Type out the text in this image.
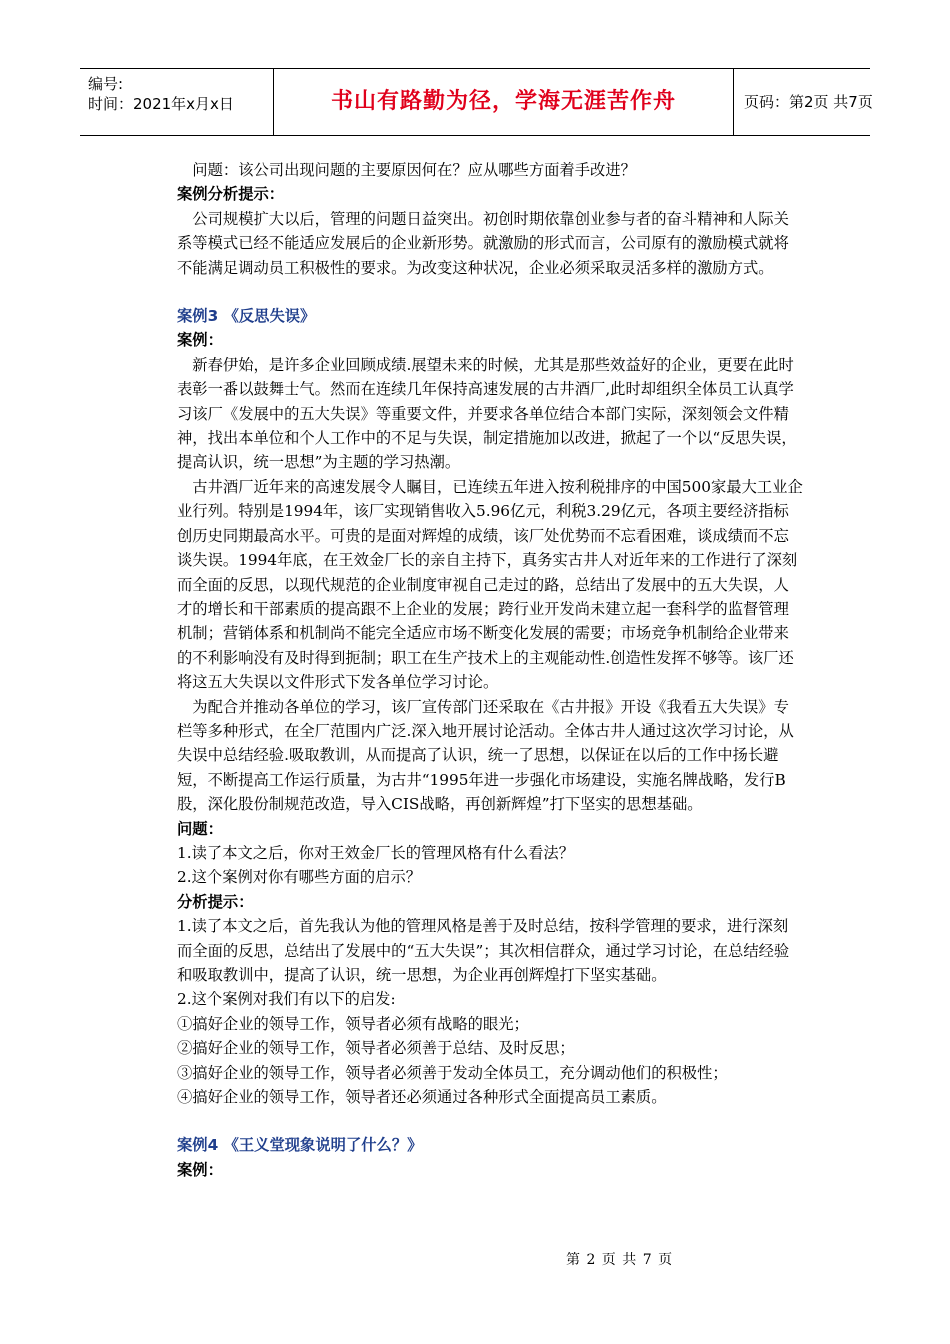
编号:
时间：2021年x月x日	书山有路勤为径，学海无涯苦作舟	页码：第2页 共7页

问题：该公司出现问题的主要原因何在？应从哪些方面着手改进？

案例分析提示：

公司规模扩大以后，管理的问题日益突出。初创时期依靠创业参与者的奋斗精神和人际关系等模式已经不能适应发展后的企业新形势。就激励的形式而言，公司原有的激励模式就将不能满足调动员工积极性的要求。为改变这种状况，企业必须采取灵活多样的激励方式。

案例3 《反思失误》

案例：

新春伊始，是许多企业回顾成绩.展望未来的时候，尤其是那些效益好的企业，更要在此时表彰一番以鼓舞士气。然而在连续几年保持高速发展的古井酒厂,此时却组织全体员工认真学习该厂《发展中的五大失误》等重要文件，并要求各单位结合本部门实际，深刻领会文件精神，找出本单位和个人工作中的不足与失误，制定措施加以改进，掀起了一个以“反思失误，提高认识，统一思想”为主题的学习热潮。

古井酒厂近年来的高速发展令人瞩目，已连续五年进入按利税排序的中国500家最大工业企业行列。特别是1994年，该厂实现销售收入5.96亿元，利税3.29亿元，各项主要经济指标创历史同期最高水平。可贵的是面对辉煌的成绩，该厂处优势而不忘看困难，谈成绩而不忘谈失误。1994年底，在王效金厂长的亲自主持下，真务实古井人对近年来的工作进行了深刻而全面的反思，以现代规范的企业制度审视自己走过的路，总结出了发展中的五大失误，人才的增长和干部素质的提高跟不上企业的发展；跨行业开发尚未建立起一套科学的监督管理机制；营销体系和机制尚不能完全适应市场不断变化发展的需要；市场竞争机制给企业带来的不利影响没有及时得到扼制；职工在生产技术上的主观能动性.创造性发挥不够等。该厂还将这五大失误以文件形式下发各单位学习讨论。

为配合并推动各单位的学习，该厂宣传部门还采取在《古井报》开设《我看五大失误》专栏等多种形式，在全厂范围内广泛.深入地开展讨论活动。全体古井人通过这次学习讨论，从失误中总结经验.吸取教训，从而提高了认识，统一了思想，以保证在以后的工作中扬长避短，不断提高工作运行质量，为古井“1995年进一步强化市场建设，实施名牌战略，发行B股，深化股份制规范改造，导入CIS战略，再创新辉煌”打下坚实的思想基础。

问题：

1.读了本文之后，你对王效金厂长的管理风格有什么看法？

2.这个案例对你有哪些方面的启示？

分析提示：

1.读了本文之后，首先我认为他的管理风格是善于及时总结，按科学管理的要求，进行深刻而全面的反思，总结出了发展中的“五大失误”；其次相信群众，通过学习讨论，在总结经验和吸取教训中，提高了认识，统一思想，为企业再创辉煌打下坚实基础。

2.这个案例对我们有以下的启发:

①搞好企业的领导工作，领导者必须有战略的眼光；

②搞好企业的领导工作，领导者必须善于总结、及时反思；

③搞好企业的领导工作，领导者必须善于发动全体员工，充分调动他们的积极性；

④搞好企业的领导工作，领导者还必须通过各种形式全面提高员工素质。

案例4 《王义堂现象说明了什么？》

案例：

第 2 页 共 7 页
